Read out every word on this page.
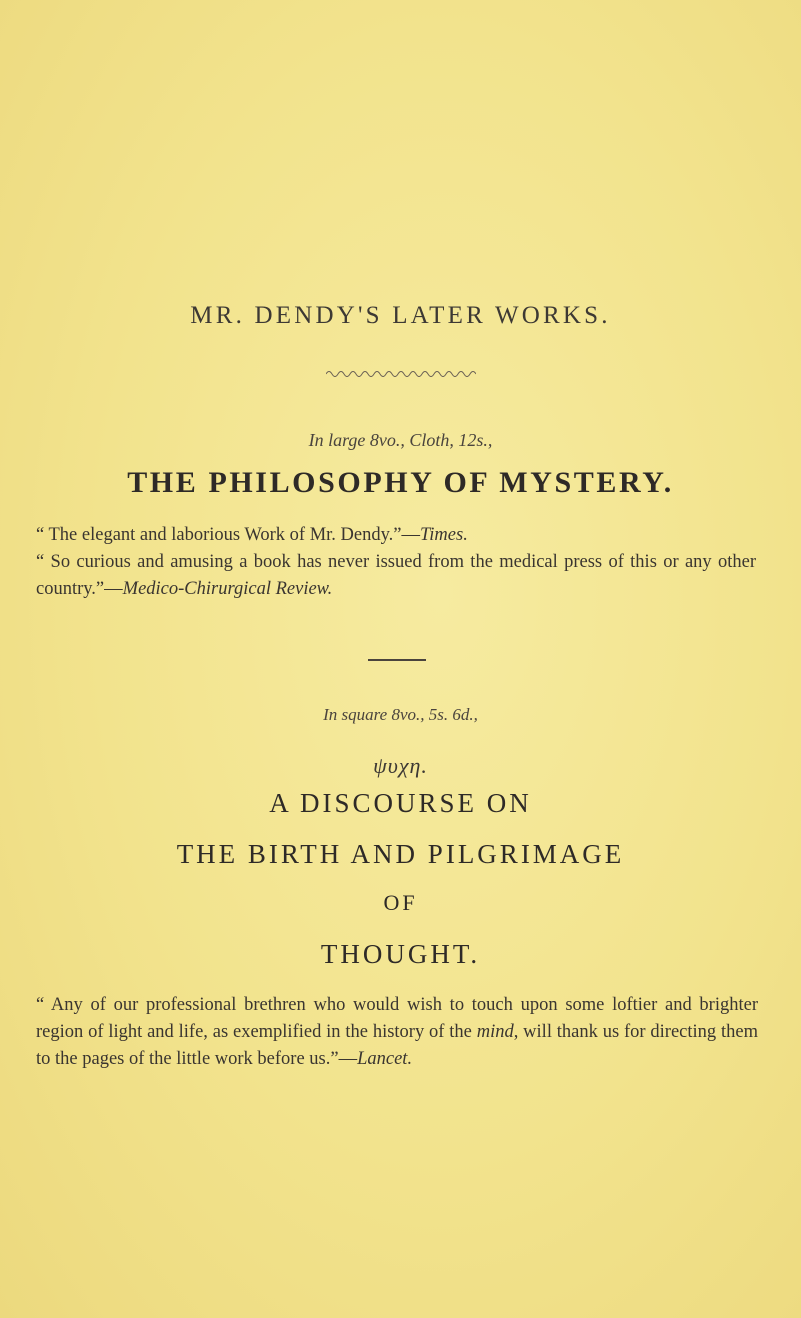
MR. DENDY'S LATER WORKS.
In large 8vo., Cloth, 12s.,
THE PHILOSOPHY OF MYSTERY.
“ The elegant and laborious Work of Mr. Dendy.”—Times.
“ So curious and amusing a book has never issued from the medical press of this or any other country.”—Medico-Chirurgical Review.
In square 8vo., 5s. 6d.,
ψυχη.
A DISCOURSE ON
THE BIRTH AND PILGRIMAGE
OF
THOUGHT.
“ Any of our professional brethren who would wish to touch upon some loftier and brighter region of light and life, as exemplified in the history of the mind, will thank us for directing them to the pages of the little work before us.”—Lancet.
